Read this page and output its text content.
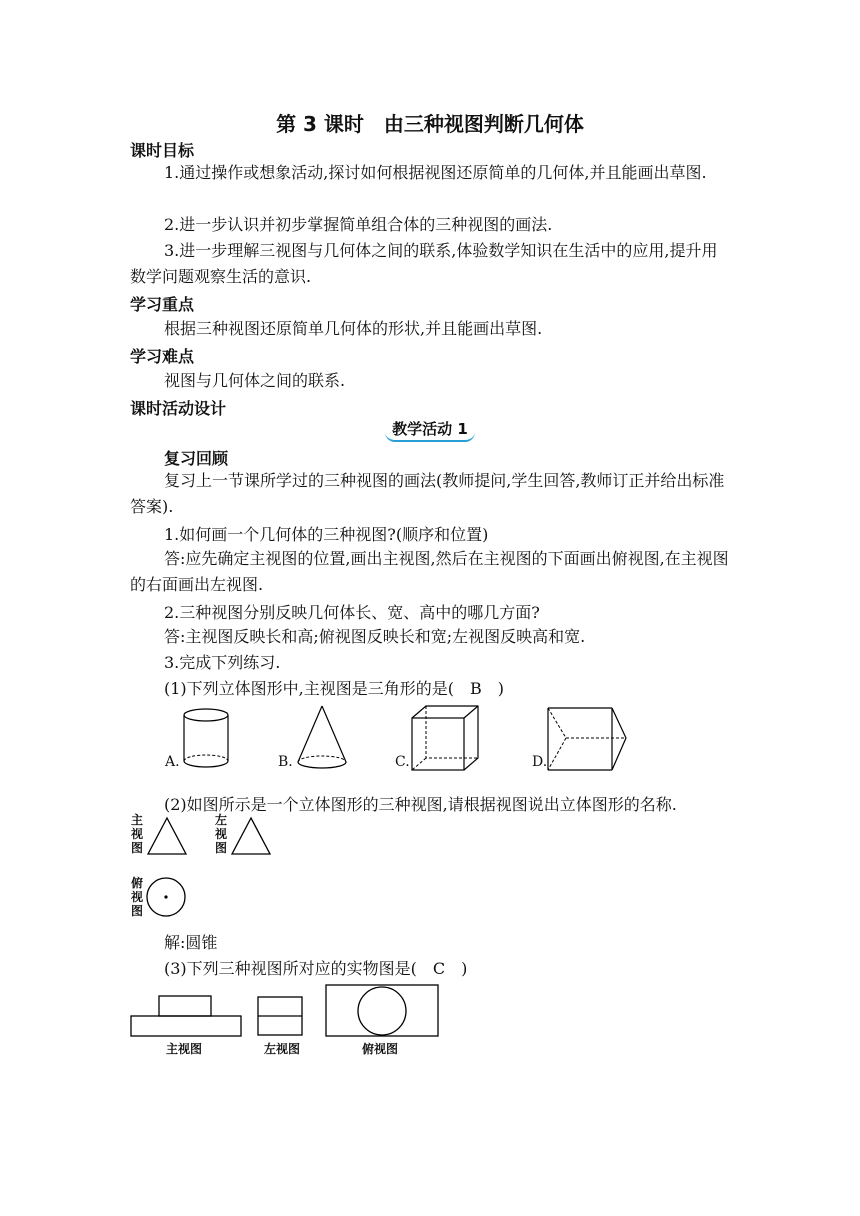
第 3 课时　由三种视图判断几何体
课时目标

1.通过操作或想象活动,探讨如何根据视图还原简单的几何体,并且能画出草图.

2.进一步认识并初步掌握简单组合体的三种视图的画法.

3.进一步理解三视图与几何体之间的联系,体验数学知识在生活中的应用,提升用数学问题观察生活的意识.

学习重点
根据三种视图还原简单几何体的形状,并且能画出草图.
学习难点
视图与几何体之间的联系.
课时活动设计
教学活动 1
复习回顾

复习上一节课所学过的三种视图的画法(教师提问,学生回答,教师订正并给出标准答案).

1.如何画一个几何体的三种视图?(顺序和位置)

答:应先确定主视图的位置,画出主视图,然后在主视图的下面画出俯视图,在主视图的右面画出左视图.

2.三种视图分别反映几何体长、宽、高中的哪几方面?
答:主视图反映长和高;俯视图反映长和宽;左视图反映高和宽.
3.完成下列练习.
(1)下列立体图形中,主视图是三角形的是(　B　)
A.	B.	C.	D.
(2)如图所示是一个立体图形的三种视图,请根据视图说出立体图形的名称.
主视图
左视图
俯视图
解:圆锥
(3)下列三种视图所对应的实物图是(　C　)
主视图	左视图	俯视图
